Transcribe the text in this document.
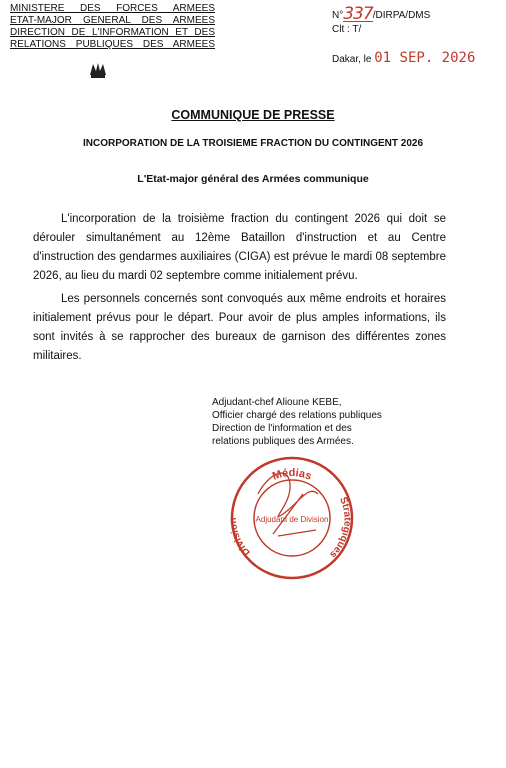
MINISTERE DES FORCES ARMEES
ETAT-MAJOR GENERAL DES ARMEES
DIRECTION DE L'INFORMATION ET DES
RELATIONS PUBLIQUES DES ARMEES
N°337/DIRPA/DMS
Clt : T/
Dakar, le 01 SEP. 2026
COMMUNIQUE DE PRESSE
INCORPORATION DE LA TROISIEME FRACTION DU CONTINGENT 2026
L'Etat-major général des Armées communique
L'incorporation de la troisième fraction du contingent 2026 qui doit se dérouler simultanément au 12ème Bataillon d'instruction et au Centre d'instruction des gendarmes auxiliaires (CIGA) est prévue le mardi 08 septembre 2026, au lieu du mardi 02 septembre comme initialement prévu.
Les personnels concernés sont convoqués aux même endroits et horaires initialement prévus pour le départ. Pour avoir de plus amples informations, ils sont invités à se rapprocher des bureaux de garnison des différentes zones militaires.
Adjudant-chef Alioune KEBE,
Officier chargé des relations publiques
Direction de l'information et des
relations publiques des Armées.
Médias
Division
Stratégiques
Adjudant de Division
